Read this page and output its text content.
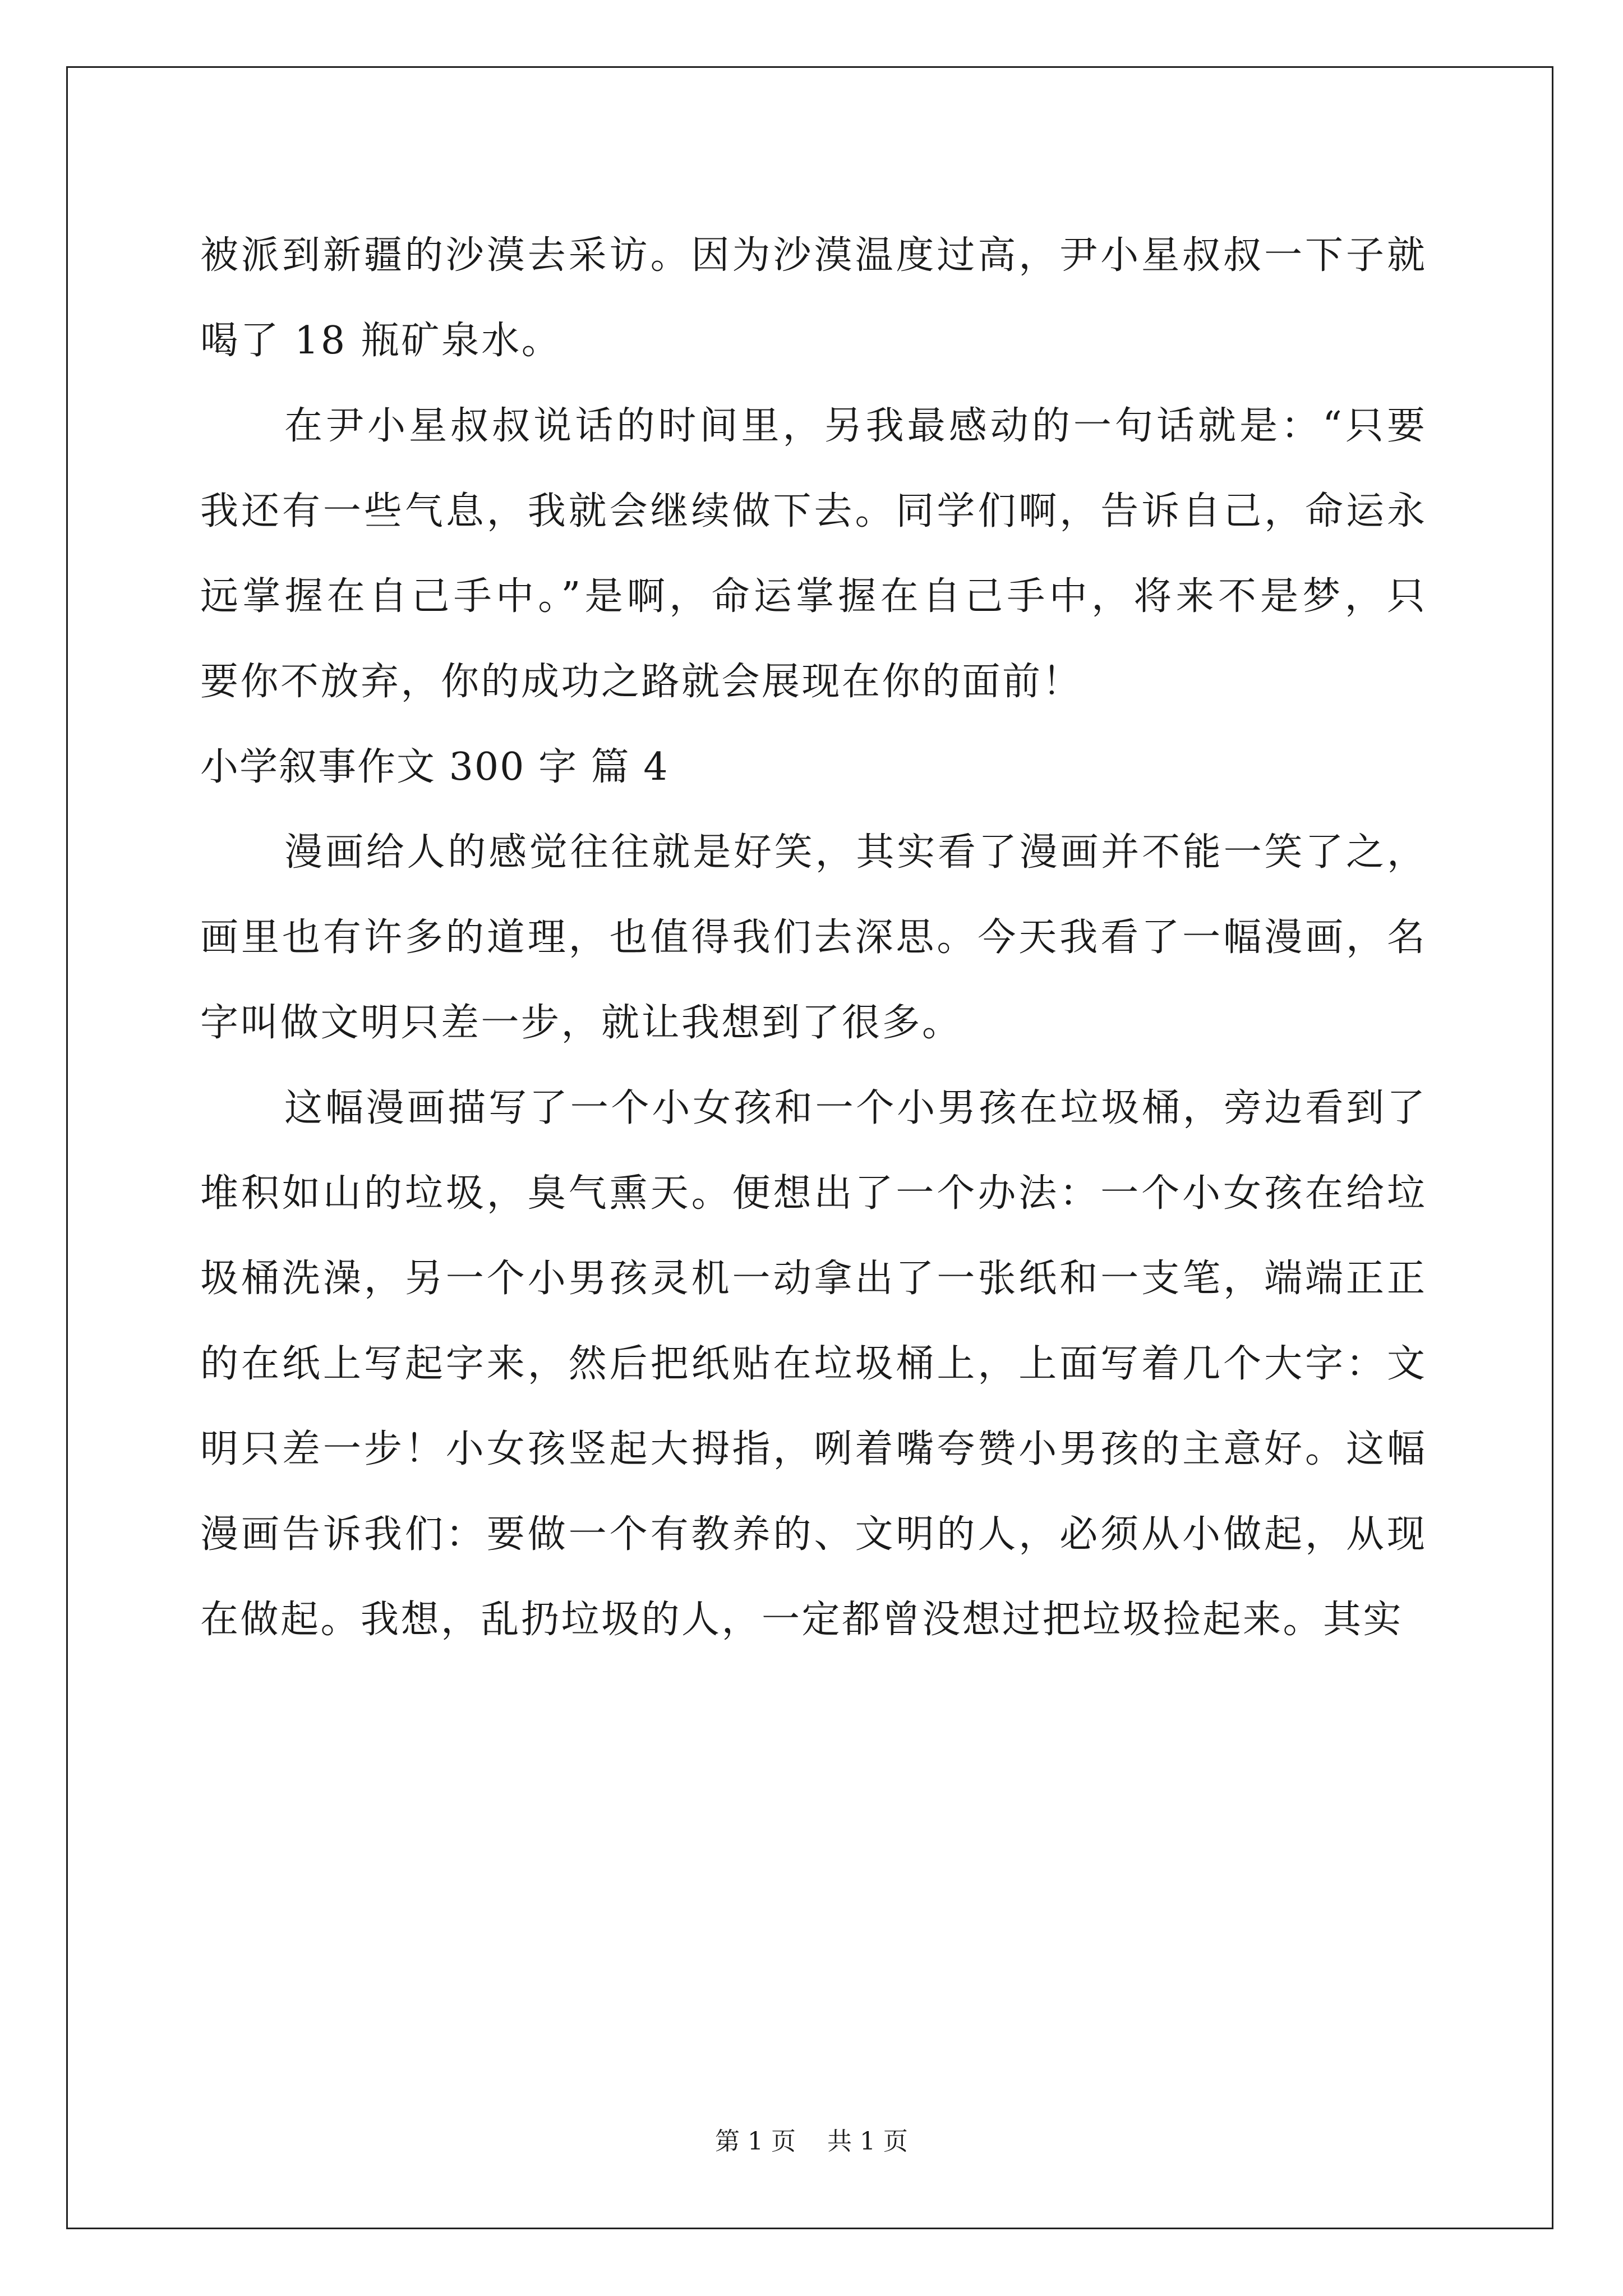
被派到新疆的沙漠去采访。因为沙漠温度过高，尹小星叔叔一下子就
喝了 18 瓶矿泉水。
在尹小星叔叔说话的时间里，另我最感动的一句话就是：“只要
我还有一些气息，我就会继续做下去。同学们啊，告诉自己，命运永
远掌握在自己手中。”是啊，命运掌握在自己手中，将来不是梦，只
要你不放弃，你的成功之路就会展现在你的面前！
小学叙事作文 300 字 篇 4
漫画给人的感觉往往就是好笑，其实看了漫画并不能一笑了之，
画里也有许多的道理，也值得我们去深思。今天我看了一幅漫画，名
字叫做文明只差一步，就让我想到了很多。
这幅漫画描写了一个小女孩和一个小男孩在垃圾桶，旁边看到了
堆积如山的垃圾，臭气熏天。便想出了一个办法：一个小女孩在给垃
圾桶洗澡，另一个小男孩灵机一动拿出了一张纸和一支笔，端端正正
的在纸上写起字来，然后把纸贴在垃圾桶上，上面写着几个大字：文
明只差一步！小女孩竖起大拇指，咧着嘴夸赞小男孩的主意好。这幅
漫画告诉我们：要做一个有教养的、文明的人，必须从小做起，从现
在做起。我想，乱扔垃圾的人，一定都曾没想过把垃圾捡起来。其实
第 1 页    共 1 页
